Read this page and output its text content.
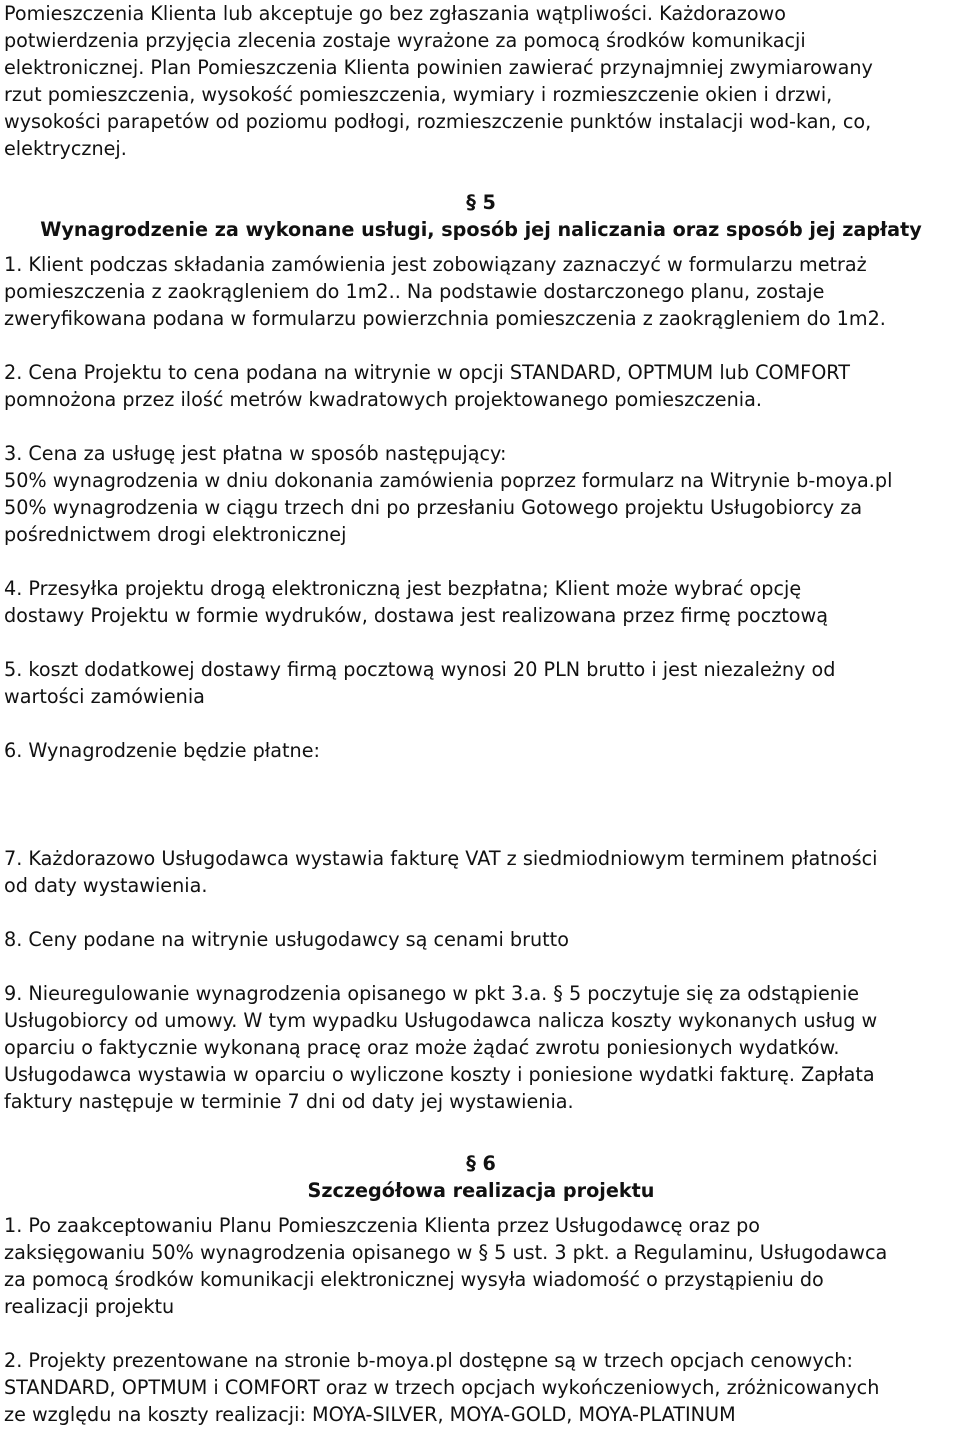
Pomieszczenia Klienta lub akceptuje go bez zgłaszania wątpliwości. Każdorazowo

potwierdzenia przyjęcia zlecenia zostaje wyrażone za pomocą środków komunikacji

elektronicznej. Plan Pomieszczenia Klienta powinien zawierać przynajmniej zwymiarowany

rzut pomieszczenia, wysokość pomieszczenia, wymiary i rozmieszczenie okien i drzwi,

wysokości parapetów od poziomu podłogi, rozmieszczenie punktów instalacji wod-kan, co,

elektrycznej.

§ 5

Wynagrodzenie za wykonane usługi, sposób jej naliczania oraz sposób jej zapłaty

1. Klient podczas składania zamówienia jest zobowiązany zaznaczyć w formularzu metraż

pomieszczenia z zaokrągleniem do 1m2.. Na podstawie dostarczonego planu, zostaje

zweryfikowana podana w formularzu powierzchnia pomieszczenia z zaokrągleniem do 1m2.

2. Cena Projektu to cena podana na witrynie w opcji STANDARD, OPTMUM lub COMFORT

pomnożona przez ilość metrów kwadratowych projektowanego pomieszczenia.

3. Cena za usługę jest płatna w sposób następujący:

50% wynagrodzenia w dniu dokonania zamówienia poprzez formularz na Witrynie b-moya.pl

50% wynagrodzenia w ciągu trzech dni po przesłaniu Gotowego projektu Usługobiorcy za

pośrednictwem drogi elektronicznej

4. Przesyłka projektu drogą elektroniczną jest bezpłatna; Klient może wybrać opcję

dostawy Projektu w formie wydruków, dostawa jest realizowana przez firmę pocztową

5. koszt dodatkowej dostawy firmą pocztową wynosi 20 PLN brutto i jest niezależny od

wartości zamówienia

6. Wynagrodzenie będzie płatne:

7. Każdorazowo Usługodawca wystawia fakturę VAT z siedmiodniowym terminem płatności

od daty wystawienia.

8. Ceny podane na witrynie usługodawcy są cenami brutto

9. Nieuregulowanie wynagrodzenia opisanego w pkt 3.a. § 5 poczytuje się za odstąpienie

Usługobiorcy od umowy. W tym wypadku Usługodawca nalicza koszty wykonanych usług w

oparciu o faktycznie wykonaną pracę oraz może żądać zwrotu poniesionych wydatków.

Usługodawca wystawia w oparciu o wyliczone koszty i poniesione wydatki fakturę. Zapłata

faktury następuje w terminie 7 dni od daty jej wystawienia.

§ 6

Szczegółowa realizacja projektu

1. Po zaakceptowaniu Planu Pomieszczenia Klienta przez Usługodawcę oraz po

zaksięgowaniu 50% wynagrodzenia opisanego w § 5 ust. 3 pkt. a Regulaminu, Usługodawca

za pomocą środków komunikacji elektronicznej wysyła wiadomość o przystąpieniu do

realizacji projektu

2. Projekty prezentowane na stronie b-moya.pl dostępne są w trzech opcjach cenowych:

STANDARD, OPTMUM i COMFORT oraz w trzech opcjach wykończeniowych, zróżnicowanych

ze względu na koszty realizacji: MOYA-SILVER, MOYA-GOLD, MOYA-PLATINUM
